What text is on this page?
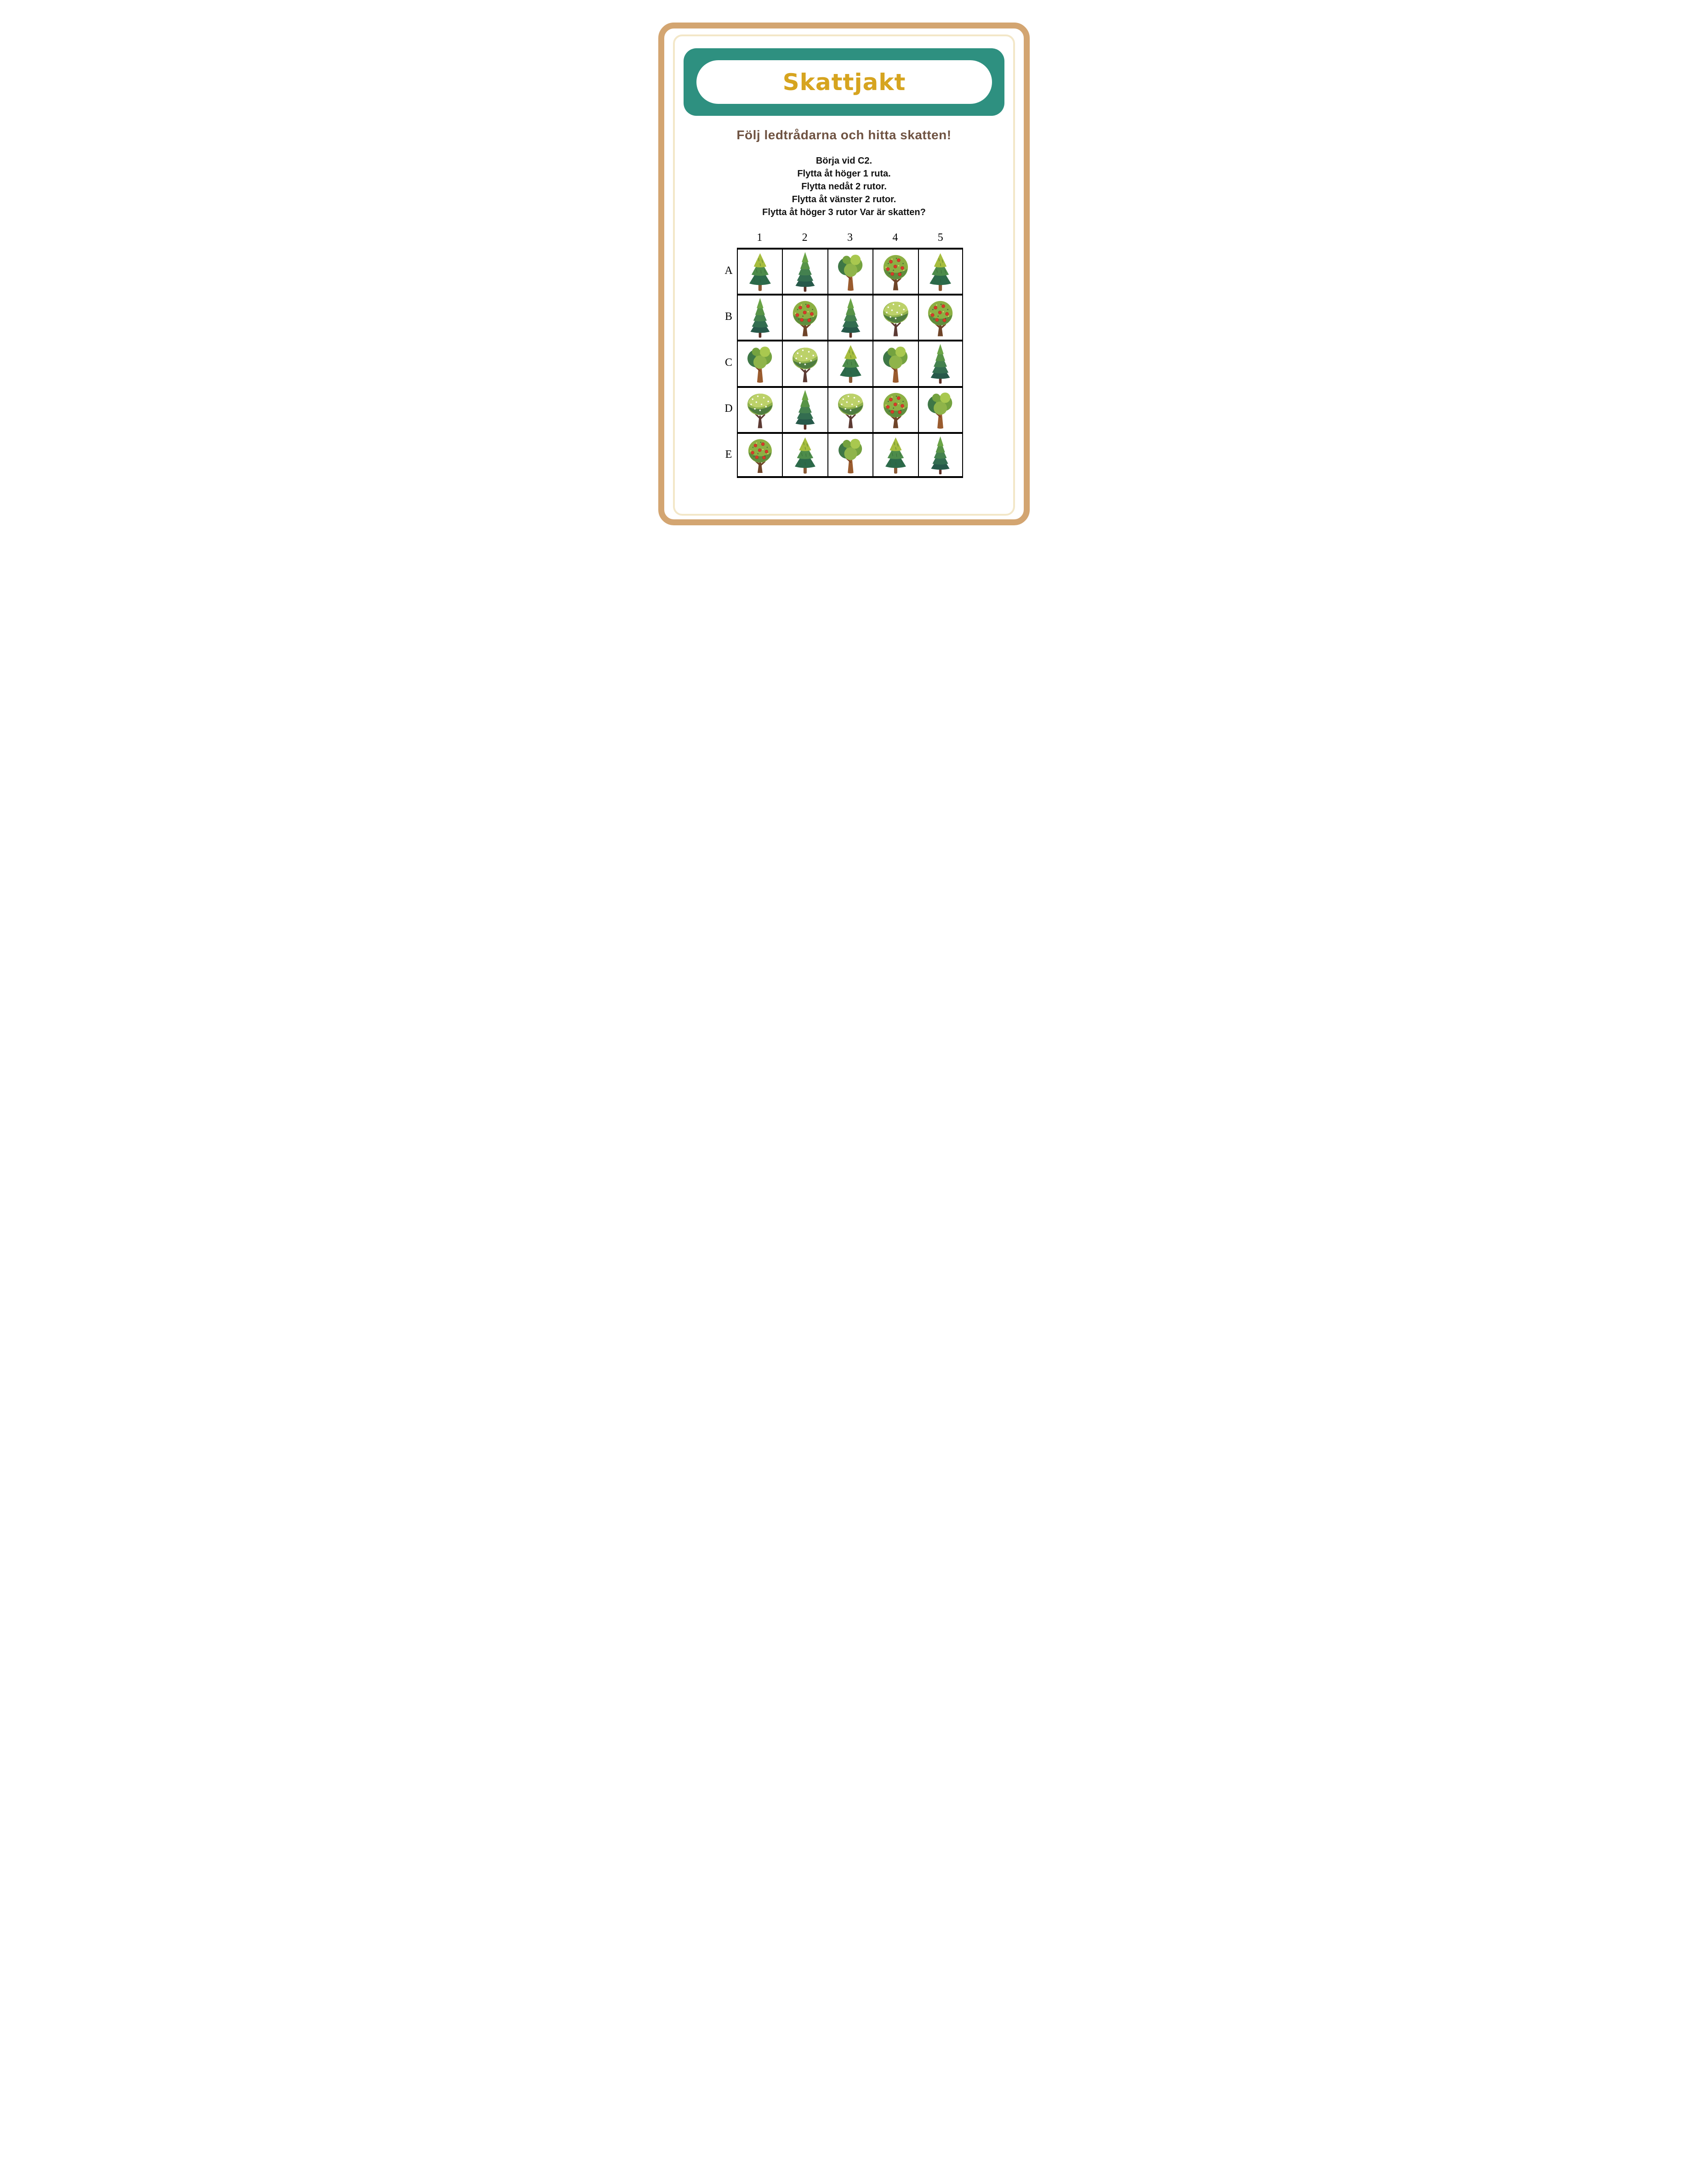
Skattjakt
Följ ledtrådarna och hitta skatten!
Börja vid C2.
Flytta åt höger 1 ruta.
Flytta nedåt 2 rutor.
Flytta åt vänster 2 rutor.
Flytta åt höger 3 rutor Var är skatten?
1	2	3	4	5
A
B
C
D
E
